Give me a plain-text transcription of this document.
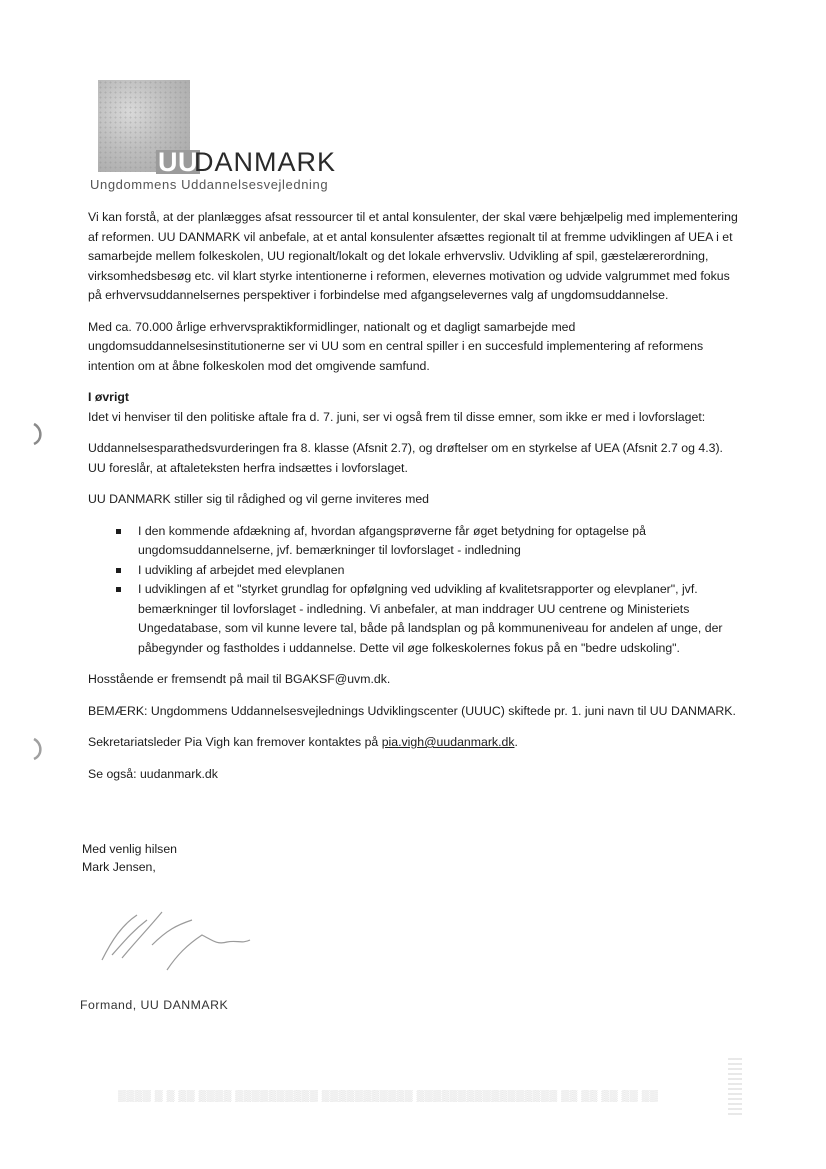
UU
DANMARK
Ungdommens Uddannelsesvejledning

Vi kan forstå, at der planlægges afsat ressourcer til et antal konsulenter, der skal være behjælpelig med implementering af reformen. UU DANMARK vil anbefale, at et antal konsulenter afsættes regionalt til at fremme udviklingen af UEA i et samarbejde mellem folkeskolen, UU regionalt/lokalt og det lokale erhvervsliv. Udvikling af spil, gæstelærerordning, virksomhedsbesøg etc. vil klart styrke intentionerne i reformen, elevernes motivation og udvide valgrummet med fokus på erhvervsuddannelsernes perspektiver i forbindelse med afgangselevernes valg af ungdomsuddannelse.

Med ca. 70.000 årlige erhvervspraktikformidlinger, nationalt og et dagligt samarbejde med ungdomsuddannelsesinstitutionerne ser vi UU som en central spiller i en succesfuld implementering af reformens intention om at åbne folkeskolen mod det omgivende samfund.

I øvrigt

Idet vi henviser til den politiske aftale fra d. 7. juni, ser vi også frem til disse emner, som ikke er med i lovforslaget:

Uddannelsesparathedsvurderingen fra 8. klasse (Afsnit 2.7), og drøftelser om en styrkelse af UEA (Afsnit 2.7 og 4.3). UU foreslår, at aftaleteksten herfra indsættes i lovforslaget.

UU DANMARK stiller sig til rådighed og vil gerne inviteres med

I den kommende afdækning af, hvordan afgangsprøverne får øget betydning for optagelse på ungdomsuddannelserne, jvf. bemærkninger til lovforslaget - indledning
I udvikling af arbejdet med elevplanen
I udviklingen af et "styrket grundlag for opfølgning ved udvikling af kvalitetsrapporter og elevplaner", jvf. bemærkninger til lovforslaget - indledning. Vi anbefaler, at man inddrager UU centrene og Ministeriets Ungedatabase, som vil kunne levere tal, både på landsplan og på kommuneniveau for andelen af unge, der påbegynder og fastholdes i uddannelse. Dette vil øge folkeskolernes fokus på en "bedre udskoling".

Hosstående er fremsendt på mail til BGAKSF@uvm.dk.

BEMÆRK: Ungdommens Uddannelsesvejlednings Udviklingscenter (UUUC) skiftede pr. 1. juni navn til UU DANMARK.

Sekretariatsleder Pia Vigh kan fremover kontaktes på pia.vigh@uudanmark.dk.

Se også: uudanmark.dk

Med venlig hilsen
Mark Jensen,
Formand, UU DANMARK
▒▒▒▒ ▒ ▒ ▒▒ ▒▒▒▒ ▒▒▒▒▒▒▒▒▒▒ ▒▒▒▒▒▒▒▒▒▒▒ ▒▒▒▒▒▒▒▒▒▒▒▒▒▒▒▒▒ ▒▒ ▒▒ ▒▒ ▒▒ ▒▒
